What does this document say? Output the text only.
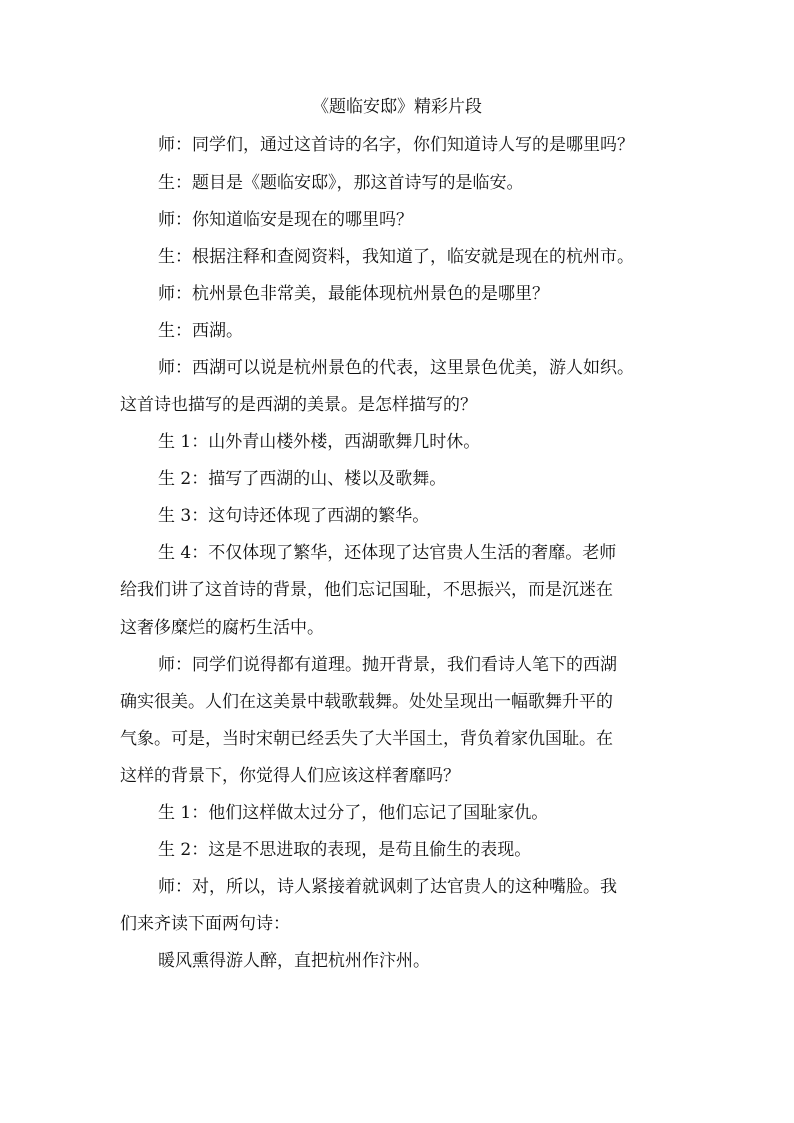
《题临安邸》精彩片段
师：同学们，通过这首诗的名字，你们知道诗人写的是哪里吗？
生：题目是《题临安邸》，那这首诗写的是临安。
师：你知道临安是现在的哪里吗？
生：根据注释和查阅资料，我知道了，临安就是现在的杭州市。
师：杭州景色非常美，最能体现杭州景色的是哪里？
生：西湖。
师：西湖可以说是杭州景色的代表，这里景色优美，游人如织。
这首诗也描写的是西湖的美景。是怎样描写的？
生 1：山外青山楼外楼，西湖歌舞几时休。
生 2：描写了西湖的山、楼以及歌舞。
生 3：这句诗还体现了西湖的繁华。
生 4：不仅体现了繁华，还体现了达官贵人生活的奢靡。老师
给我们讲了这首诗的背景，他们忘记国耻，不思振兴，而是沉迷在
这奢侈糜烂的腐朽生活中。
师：同学们说得都有道理。抛开背景，我们看诗人笔下的西湖
确实很美。人们在这美景中载歌载舞。处处呈现出一幅歌舞升平的
气象。可是，当时宋朝已经丢失了大半国土，背负着家仇国耻。在
这样的背景下，你觉得人们应该这样奢靡吗？
生 1：他们这样做太过分了，他们忘记了国耻家仇。
生 2：这是不思进取的表现，是苟且偷生的表现。
师：对，所以，诗人紧接着就讽刺了达官贵人的这种嘴脸。我
们来齐读下面两句诗：
暖风熏得游人醉，直把杭州作汴州。
